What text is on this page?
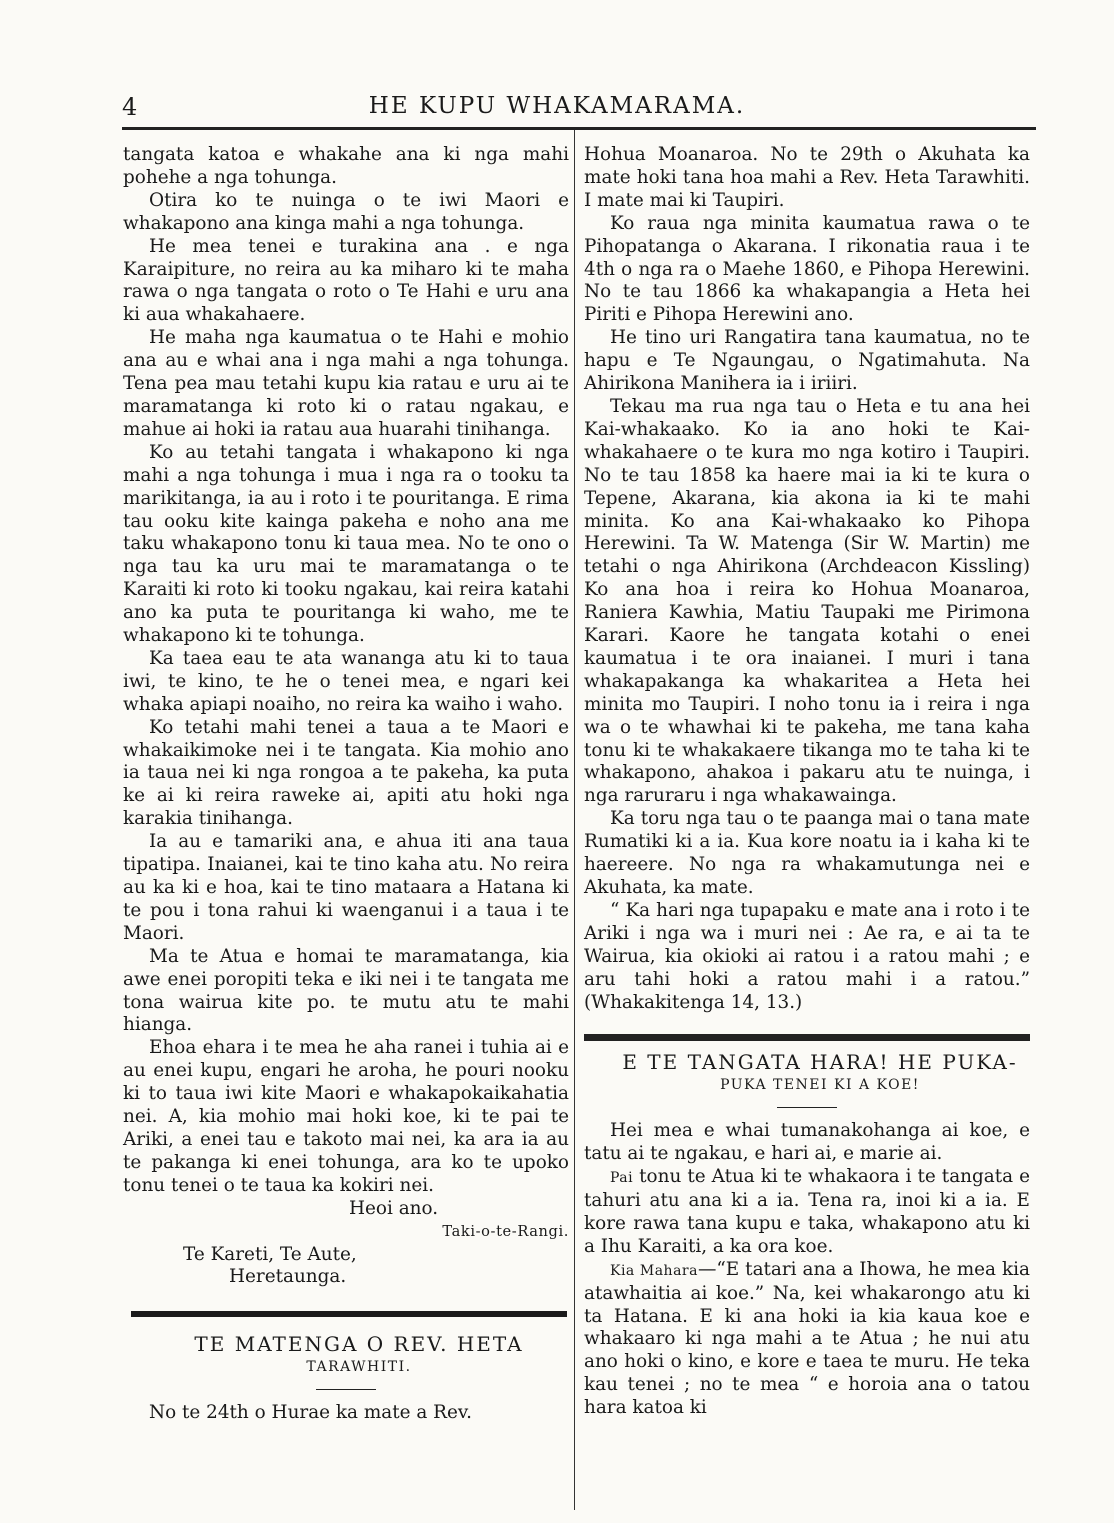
4	HE KUPU WHAKAMARAMA.

tangata katoa e whakahe ana ki nga mahi pohehe a nga tohunga.

Otira ko te nuinga o te iwi Maori e whakapono ana kinga mahi a nga tohunga.

He mea tenei e turakina ana . e nga Karaipiture, no reira au ka miharo ki te maha rawa o nga tangata o roto o Te Hahi e uru ana ki aua whakahaere.

He maha nga kaumatua o te Hahi e mohio ana au e whai ana i nga mahi a nga tohunga. Tena pea mau tetahi kupu kia ratau e uru ai te maramatanga ki roto ki o ratau ngakau, e mahue ai hoki ia ratau aua huarahi tinihanga.

Ko au tetahi tangata i whakapono ki nga mahi a nga tohunga i mua i nga ra o tooku ta marikitanga, ia au i roto i te pouritanga. E rima tau ooku kite kainga pakeha e noho ana me taku whakapono tonu ki taua mea. No te ono o nga tau ka uru mai te maramatanga o te Karaiti ki roto ki tooku ngakau, kai reira katahi ano ka puta te pouritanga ki waho, me te whakapono ki te tohunga.

Ka taea eau te ata wananga atu ki to taua iwi, te kino, te he o tenei mea, e ngari kei whaka apiapi noaiho, no reira ka waiho i waho.

Ko tetahi mahi tenei a taua a te Maori e whakaikimoke nei i te tangata. Kia mohio ano ia taua nei ki nga rongoa a te pakeha, ka puta ke ai ki reira raweke ai, apiti atu hoki nga karakia tinihanga.

Ia au e tamariki ana, e ahua iti ana taua tipatipa. Inaianei, kai te tino kaha atu. No reira au ka ki e hoa, kai te tino mataara a Hatana ki te pou i tona rahui ki waenganui i a taua i te Maori.

Ma te Atua e homai te maramatanga, kia awe enei poropiti teka e iki nei i te tangata me tona wairua kite po. te mutu atu te mahi hianga.

Ehoa ehara i te mea he aha ranei i tuhia ai e au enei kupu, engari he aroha, he pouri nooku ki to taua iwi kite Maori e whakapokaikahatia nei. A, kia mohio mai hoki koe, ki te pai te Ariki, a enei tau e takoto mai nei, ka ara ia au te pakanga ki enei tohunga, ara ko te upoko tonu tenei o te taua ka kokiri nei.

Heoi ano.

Taki-o-te-Rangi.

Te Kareti, Te Aute,

Heretaunga.

TE MATENGA O REV. HETA

TARAWHITI.

No te 24th o Hurae ka mate a Rev.

Hohua Moanaroa. No te 29th o Akuhata ka mate hoki tana hoa mahi a Rev. Heta Tarawhiti. I mate mai ki Taupiri.

Ko raua nga minita kaumatua rawa o te Pihopatanga o Akarana. I rikonatia raua i te 4th o nga ra o Maehe 1860, e Pihopa Herewini. No te tau 1866 ka whakapangia a Heta hei Piriti e Pihopa Herewini ano.

He tino uri Rangatira tana kaumatua, no te hapu e Te Ngaungau, o Ngatimahuta. Na Ahirikona Manihera ia i iriiri.

Tekau ma rua nga tau o Heta e tu ana hei Kai-whakaako. Ko ia ano hoki te Kai-whakahaere o te kura mo nga kotiro i Taupiri. No te tau 1858 ka haere mai ia ki te kura o Tepene, Akarana, kia akona ia ki te mahi minita. Ko ana Kai-whakaako ko Pihopa Herewini. Ta W. Matenga (Sir W. Martin) me tetahi o nga Ahirikona (Archdeacon Kissling) Ko ana hoa i reira ko Hohua Moanaroa, Raniera Kawhia, Matiu Taupaki me Pirimona Karari. Kaore he tangata kotahi o enei kaumatua i te ora inaianei. I muri i tana whakapakanga ka whakaritea a Heta hei minita mo Taupiri. I noho tonu ia i reira i nga wa o te whawhai ki te pakeha, me tana kaha tonu ki te whakakaere tikanga mo te taha ki te whakapono, ahakoa i pakaru atu te nuinga, i nga raruraru i nga whakawainga.

Ka toru nga tau o te paanga mai o tana mate Rumatiki ki a ia. Kua kore noatu ia i kaha ki te haereere. No nga ra whakamutunga nei e Akuhata, ka mate.

“ Ka hari nga tupapaku e mate ana i roto i te Ariki i nga wa i muri nei : Ae ra, e ai ta te Wairua, kia okioki ai ratou i a ratou mahi ; e aru tahi hoki a ratou mahi i a ratou.” (Whakakitenga 14, 13.)

E TE TANGATA HARA! HE PUKA-

PUKA TENEI KI A KOE!

Hei mea e whai tumanakohanga ai koe, e tatu ai te ngakau, e hari ai, e marie ai.

Pai tonu te Atua ki te whakaora i te tangata e tahuri atu ana ki a ia. Tena ra, inoi ki a ia. E kore rawa tana kupu e taka, whakapono atu ki a Ihu Karaiti, a ka ora koe.

Kia Mahara—“E tatari ana a Ihowa, he mea kia atawhaitia ai koe.” Na, kei whakarongo atu ki ta Hatana. E ki ana hoki ia kia kaua koe e whakaaro ki nga mahi a te Atua ; he nui atu ano hoki o kino, e kore e taea te muru. He teka kau tenei ; no te mea “ e horoia ana o tatou hara katoa ki
